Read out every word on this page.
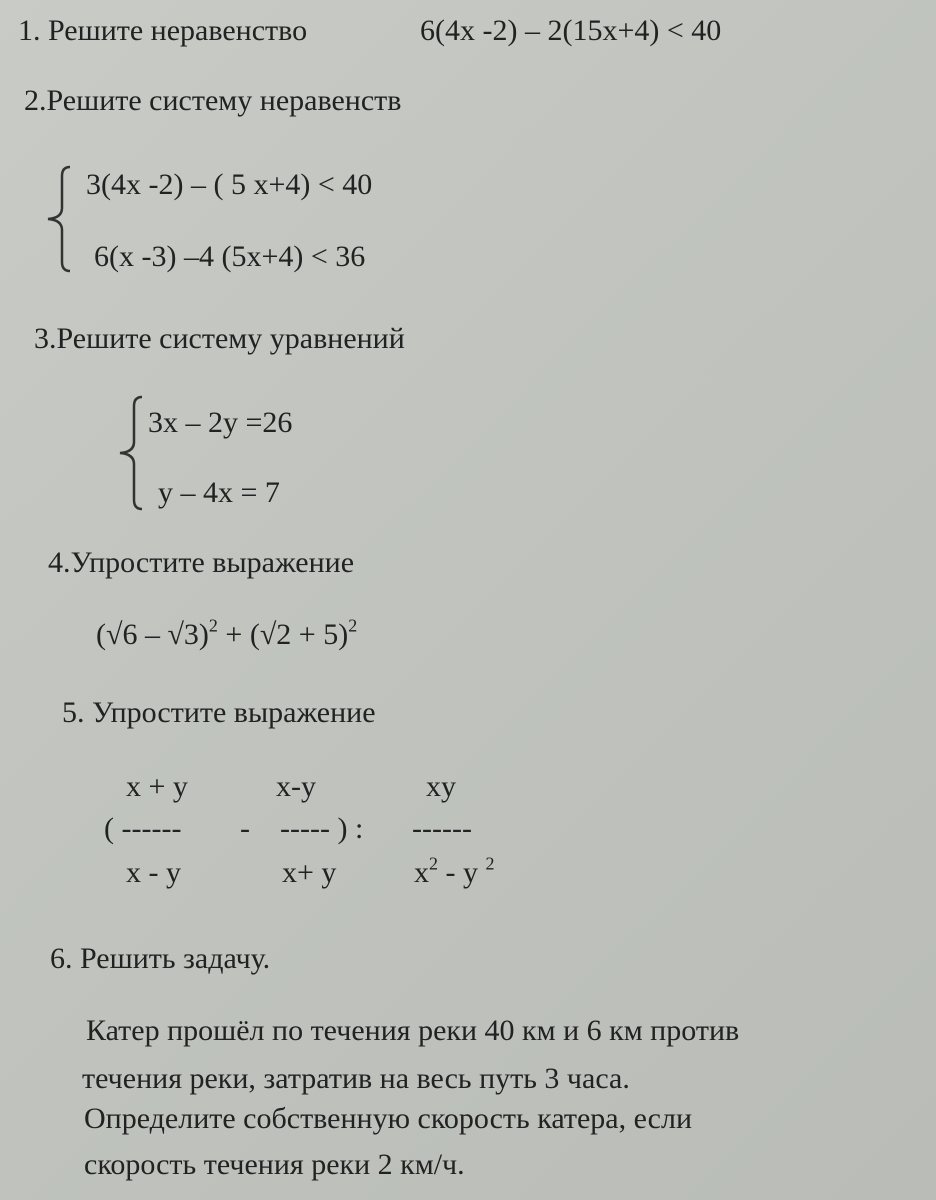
1. Решите неравенство	6(4x -2) – 2(15x+4) < 40
2.Решите систему неравенств
3(4x -2) – ( 5 x+4) < 40
6(x -3) –4 (5x+4) < 36
3.Решите систему уравнений
3x – 2y =26
y – 4x = 7
4.Упростите выражение
$(√6 - √3)^2 + (√2 + 5)^2$
5. Упростите выражение
x + y	x-y	xy
( ------ - ----- ) : ------
x - y	x+ y	$x^2$ - y $^2$
6. Решить задачу.
Катер прошёл по течения реки 40 км и 6 км против
течения реки, затратив на весь путь 3 часа.
Определите собственную скорость катера, если
скорость течения реки 2 км/ч.
